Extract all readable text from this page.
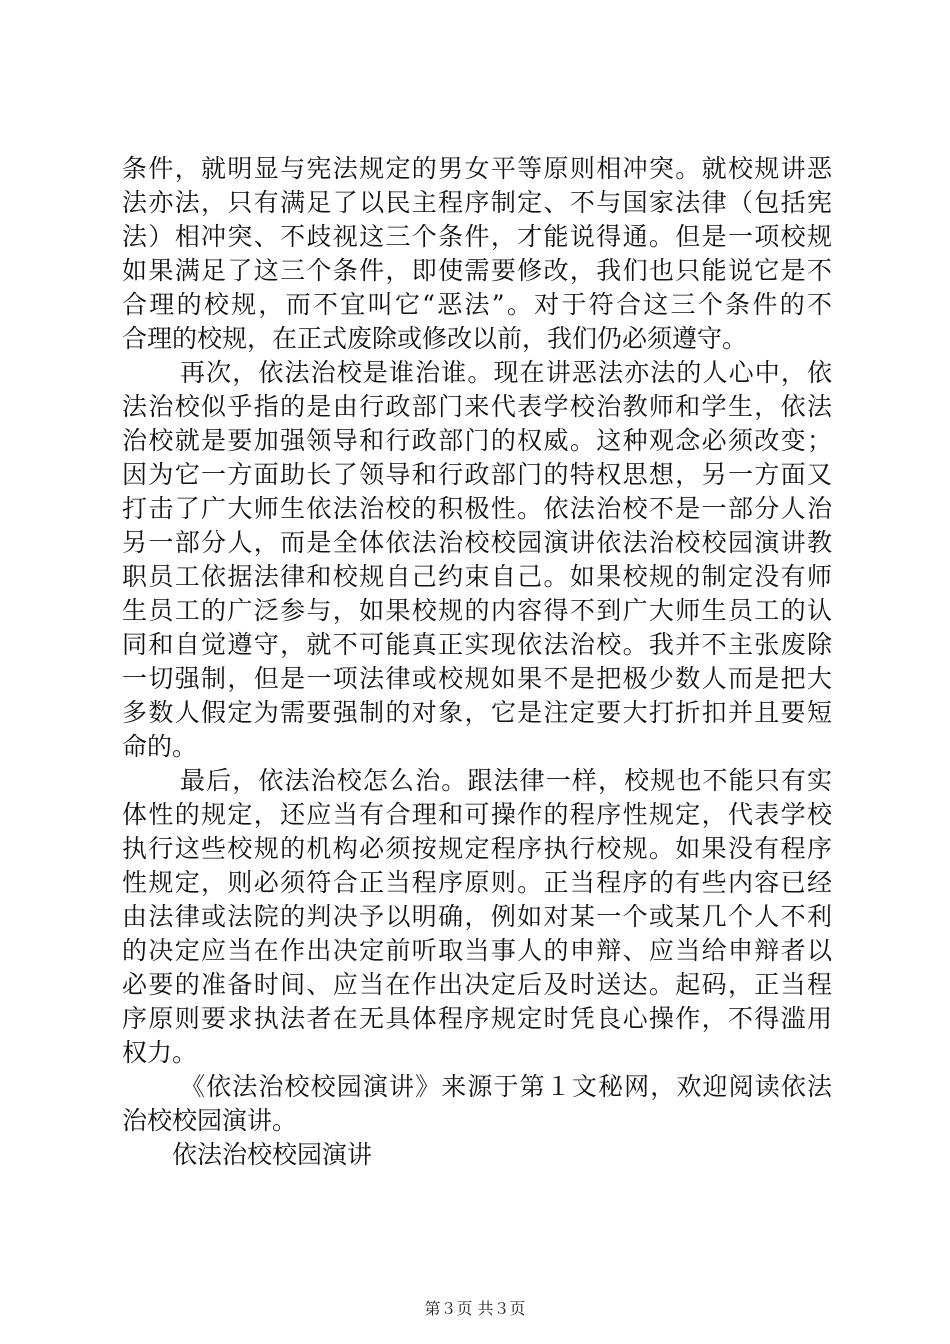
条件，就明显与宪法规定的男女平等原则相冲突。就校规讲恶
法亦法，只有满足了以民主程序制定、不与国家法律（包括宪
法）相冲突、不歧视这三个条件，才能说得通。但是一项校规
如果满足了这三个条件，即使需要修改，我们也只能说它是不
合理的校规，而不宜叫它“恶法”。对于符合这三个条件的不
合理的校规，在正式废除或修改以前，我们仍必须遵守。
再次，依法治校是谁治谁。现在讲恶法亦法的人心中，依
法治校似乎指的是由行政部门来代表学校治教师和学生，依法
治校就是要加强领导和行政部门的权威。这种观念必须改变；
因为它一方面助长了领导和行政部门的特权思想，另一方面又
打击了广大师生依法治校的积极性。依法治校不是一部分人治
另一部分人，而是全体依法治校校园演讲依法治校校园演讲教
职员工依据法律和校规自己约束自己。如果校规的制定没有师
生员工的广泛参与，如果校规的内容得不到广大师生员工的认
同和自觉遵守，就不可能真正实现依法治校。我并不主张废除
一切强制，但是一项法律或校规如果不是把极少数人而是把大
多数人假定为需要强制的对象，它是注定要大打折扣并且要短
命的。
最后，依法治校怎么治。跟法律一样，校规也不能只有实
体性的规定，还应当有合理和可操作的程序性规定，代表学校
执行这些校规的机构必须按规定程序执行校规。如果没有程序
性规定，则必须符合正当程序原则。正当程序的有些内容已经
由法律或法院的判决予以明确，例如对某一个或某几个人不利
的决定应当在作出决定前听取当事人的申辩、应当给申辩者以
必要的准备时间、应当在作出决定后及时送达。起码，正当程
序原则要求执法者在无具体程序规定时凭良心操作，不得滥用
权力。
《依法治校校园演讲》来源于第１文秘网，欢迎阅读依法
治校校园演讲。
依法治校校园演讲
第３页 共３页
